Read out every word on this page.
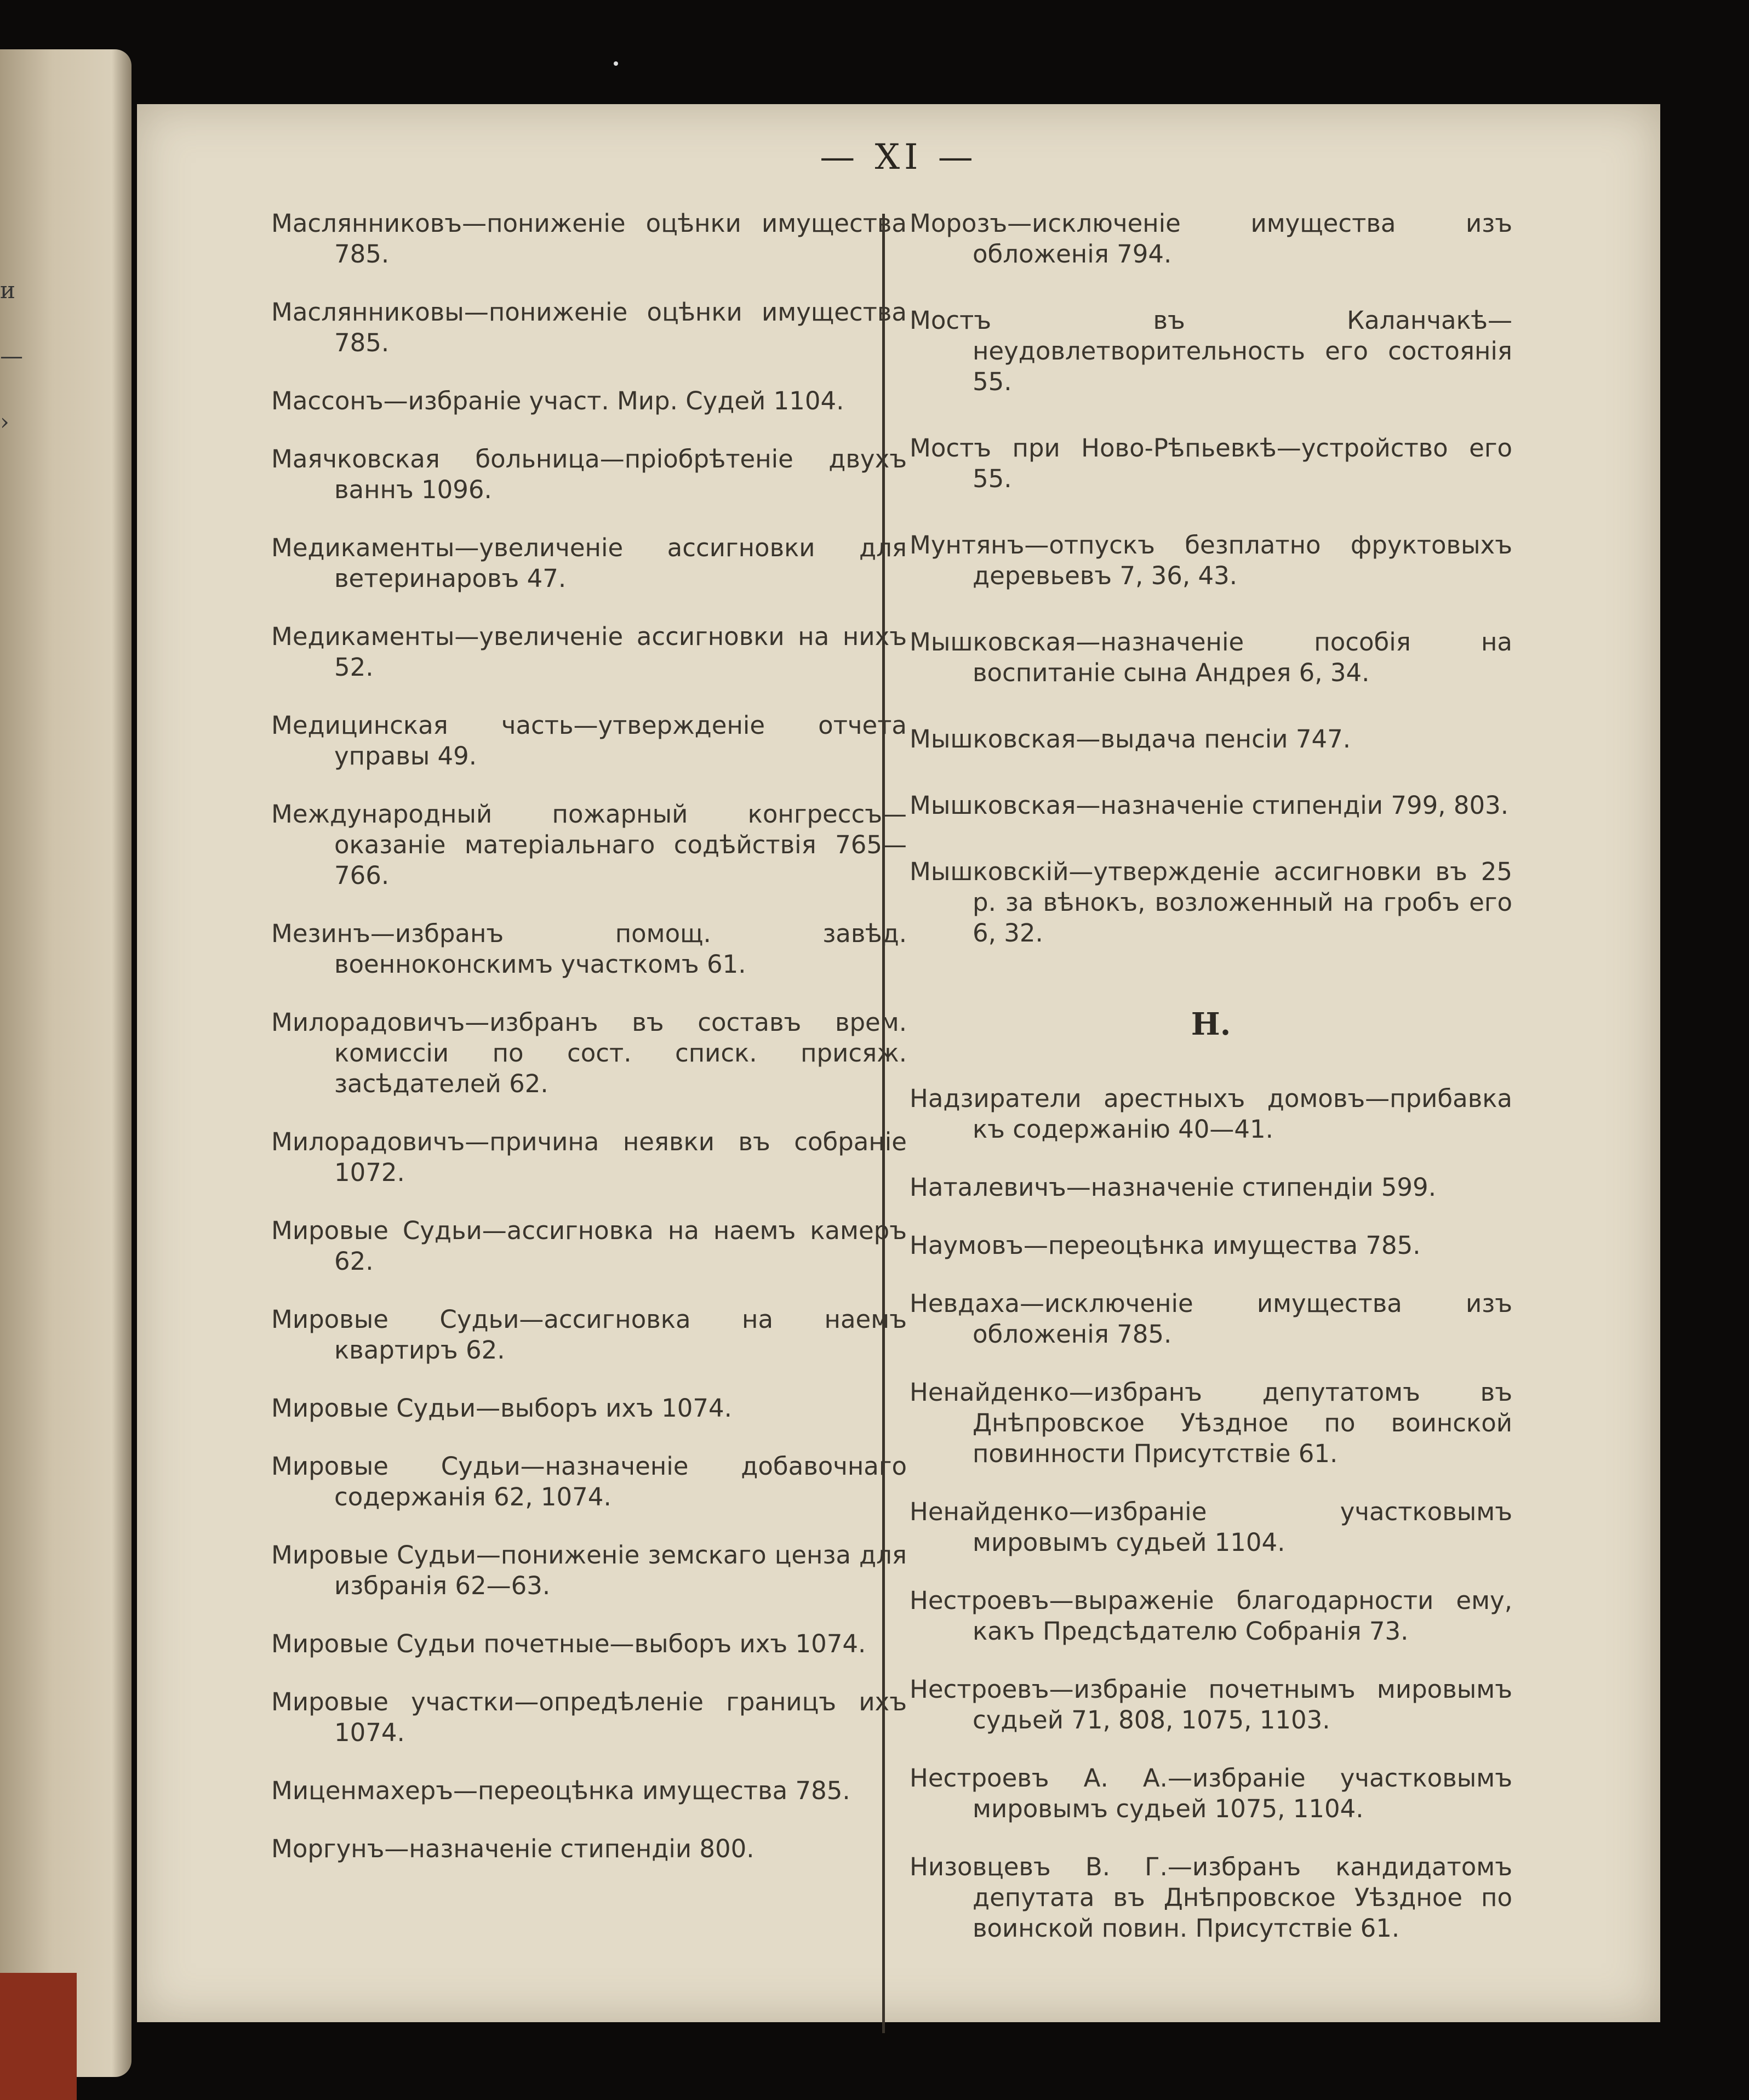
и
—
›
— XI —
Маслянниковъ—пониженіе оцѣнки имущества 785.
Маслянниковы—пониженіе оцѣнки имущества 785.
Массонъ—избраніе участ. Мир. Судей 1104.
Маячковская больница—пріобрѣтеніе двухъ ваннъ 1096.
Медикаменты—увеличеніе ассигновки для ветеринаровъ 47.
Медикаменты—увеличеніе ассигновки на нихъ 52.
Медицинская часть—утвержденіе отчета управы 49.
Международный пожарный конгрессъ—оказаніе матеріальнаго содѣйствія 765—766.
Мезинъ—избранъ помощ. завѣд. военноконскимъ участкомъ 61.
Милорадовичъ—избранъ въ составъ врем. комиссіи по сост. списк. присяж. засѣдателей 62.
Милорадовичъ—причина неявки въ собраніе 1072.
Мировые Судьи—ассигновка на наемъ камеръ 62.
Мировые Судьи—ассигновка на наемъ квартиръ 62.
Мировые Судьи—выборъ ихъ 1074.
Мировые Судьи—назначеніе добавочнаго содержанія 62, 1074.
Мировые Судьи—пониженіе земскаго ценза для избранія 62—63.
Мировые Судьи почетные—выборъ ихъ 1074.
Мировые участки—опредѣленіе границъ ихъ 1074.
Миценмахеръ—переоцѣнка имущества 785.
Моргунъ—назначеніе стипендіи 800.
Морозъ—исключеніе имущества изъ обложенія 794.
Мостъ въ Каланчакѣ—неудовлетворительность его состоянія 55.
Мостъ при Ново-Рѣпьевкѣ—устройство его 55.
Мунтянъ—отпускъ безплатно фруктовыхъ деревьевъ 7, 36, 43.
Мышковская—назначеніе пособія на воспитаніе сына Андрея 6, 34.
Мышковская—выдача пенсіи 747.
Мышковская—назначеніе стипендіи 799, 803.
Мышковскій—утвержденіе ассигновки въ 25 р. за вѣнокъ, возложенный на гробъ его 6, 32.
Н.
Надзиратели арестныхъ домовъ—прибавка къ содержанію 40—41.
Наталевичъ—назначеніе стипендіи 599.
Наумовъ—переоцѣнка имущества 785.
Невдаха—исключеніе имущества изъ обложенія 785.
Ненайденко—избранъ депутатомъ въ Днѣпровское Уѣздное по воинской повинности Присутствіе 61.
Ненайденко—избраніе участковымъ мировымъ судьей 1104.
Нестроевъ—выраженіе благодарности ему, какъ Предсѣдателю Собранія 73.
Нестроевъ—избраніе почетнымъ мировымъ судьей 71, 808, 1075, 1103.
Нестроевъ А. А.—избраніе участковымъ мировымъ судьей 1075, 1104.
Низовцевъ В. Г.—избранъ кандидатомъ депутата въ Днѣпровское Уѣздное по воинской повин. Присутствіе 61.
